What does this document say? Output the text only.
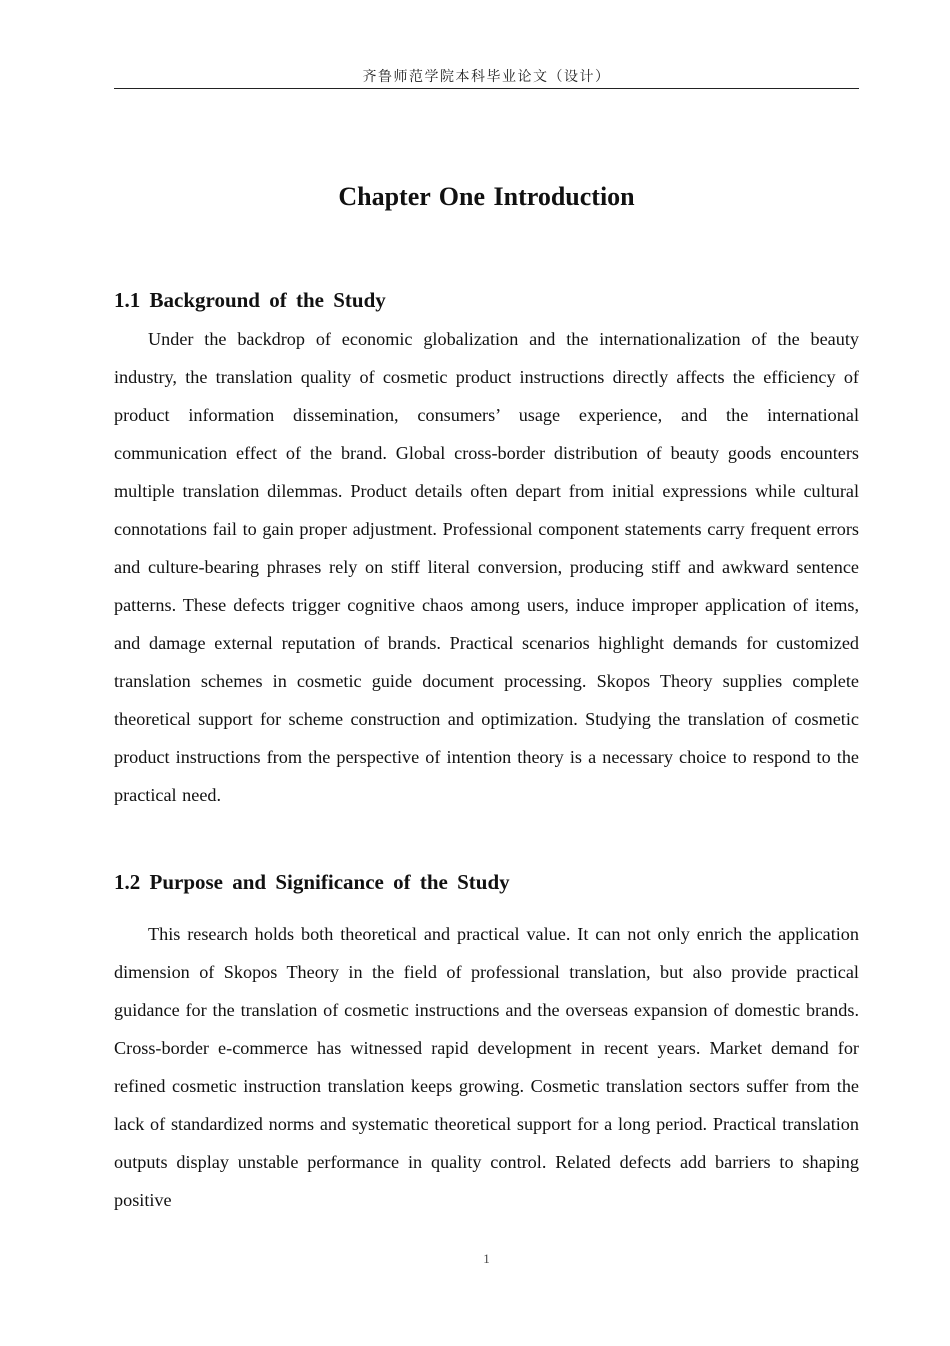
齐鲁师范学院本科毕业论文（设计）
Chapter One Introduction
1.1 Background of the Study
Under the backdrop of economic globalization and the internationalization of the beauty industry, the translation quality of cosmetic product instructions directly affects the efficiency of product information dissemination, consumers’ usage experience, and the international communication effect of the brand. Global cross-border distribution of beauty goods encounters multiple translation dilemmas. Product details often depart from initial expressions while cultural connotations fail to gain proper adjustment. Professional component statements carry frequent errors and culture-bearing phrases rely on stiff literal conversion, producing stiff and awkward sentence patterns. These defects trigger cognitive chaos among users, induce improper application of items, and damage external reputation of brands. Practical scenarios highlight demands for customized translation schemes in cosmetic guide document processing. Skopos Theory supplies complete theoretical support for scheme construction and optimization. Studying the translation of cosmetic product instructions from the perspective of intention theory is a necessary choice to respond to the practical need.
1.2 Purpose and Significance of the Study
This research holds both theoretical and practical value. It can not only enrich the application dimension of Skopos Theory in the field of professional translation, but also provide practical guidance for the translation of cosmetic instructions and the overseas expansion of domestic brands. Cross-border e-commerce has witnessed rapid development in recent years. Market demand for refined cosmetic instruction translation keeps growing. Cosmetic translation sectors suffer from the lack of standardized norms and systematic theoretical support for a long period. Practical translation outputs display unstable performance in quality control. Related defects add barriers to shaping positive
1
